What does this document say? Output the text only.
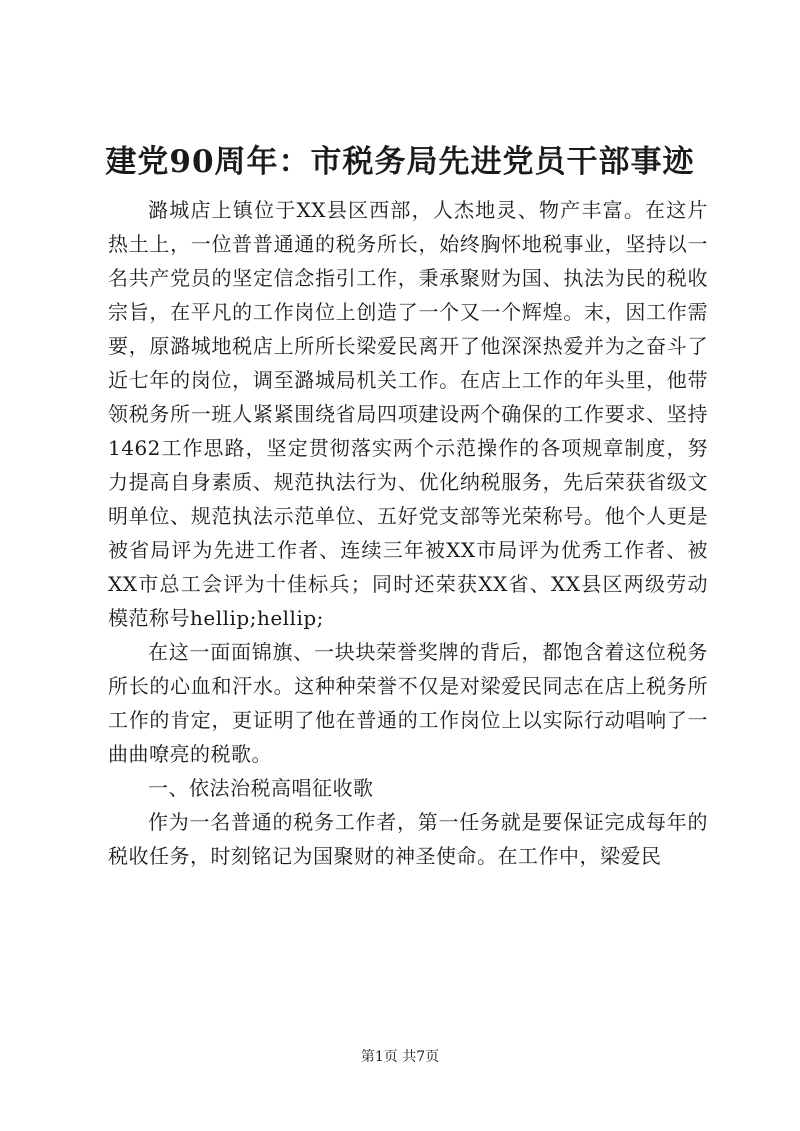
建党90周年：市税务局先进党员干部事迹

潞城店上镇位于XX县区西部，人杰地灵、物产丰富。在这片热土上，一位普普通通的税务所长，始终胸怀地税事业，坚持以一名共产党员的坚定信念指引工作，秉承聚财为国、执法为民的税收宗旨，在平凡的工作岗位上创造了一个又一个辉煌。末，因工作需要，原潞城地税店上所所长梁爱民离开了他深深热爱并为之奋斗了近七年的岗位，调至潞城局机关工作。在店上工作的年头里，他带领税务所一班人紧紧围绕省局四项建设两个确保的工作要求、坚持1462工作思路，坚定贯彻落实两个示范操作的各项规章制度，努力提高自身素质、规范执法行为、优化纳税服务，先后荣获省级文明单位、规范执法示范单位、五好党支部等光荣称号。他个人更是被省局评为先进工作者、连续三年被XX市局评为优秀工作者、被XX市总工会评为十佳标兵；同时还荣获XX省、XX县区两级劳动模范称号hellip;hellip;

在这一面面锦旗、一块块荣誉奖牌的背后，都饱含着这位税务所长的心血和汗水。这种种荣誉不仅是对梁爱民同志在店上税务所工作的肯定，更证明了他在普通的工作岗位上以实际行动唱响了一曲曲嘹亮的税歌。

一、依法治税高唱征收歌

作为一名普通的税务工作者，第一任务就是要保证完成每年的税收任务，时刻铭记为国聚财的神圣使命。在工作中，梁爱民

第1页 共7页
